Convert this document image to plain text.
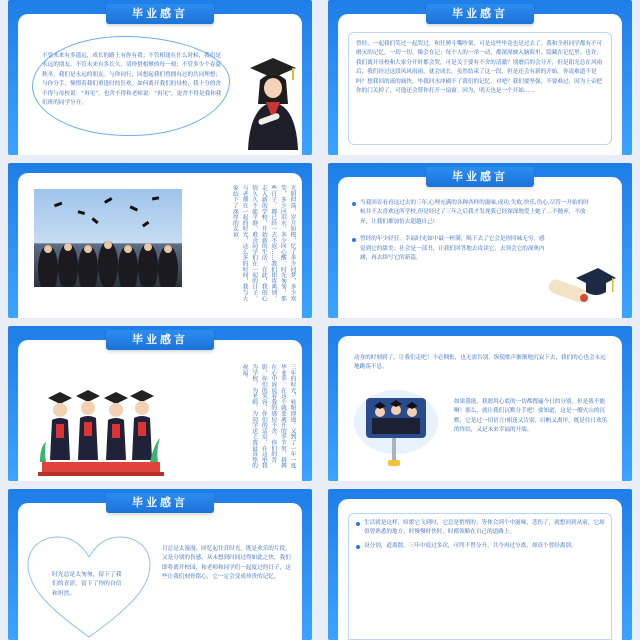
毕业感言
不管未来有多遥远，成长的路上有你有我；不管相逢在什么时候，我们是永远的朋友。不管未来有多长久，请珍惜相聚的每一刻；不管多少个春夏秋冬，我们是永远的朋友。与你同行，回想起我们曾拥有过的共同理想；与你分手，憧憬着我们重逢时的狂欢。如何离开我们的母校，我十分的舍不得与母校说：“再见”，也舍不得和老师说：“再见”，更舍不得是我和我们班的同学分开。
毕业感言
曾经，一起我们笑过一起哭过，和狂骋斗嘴吵架，可是这些毕竟也是过去了。我和全班同学都有不可磨灭的记忆，一切一切，像会在记；每个人的一举一动，都深深映入脑海里，隐藏在记忆里。也许，我们离开母校和大家分开时都会哭，可是关于要有不舍的清澈？别磨后的会分开，但是阳光总在风雨后，我们经过这段风风雨雨，就会成长。虽然结束了这一段，但是还会有新的开始。你说难道不是吗？想我回的流的痛快，毕我回水冲刷不了我们的记忆。对吧？我们要坚强，不要难过，因为上帝把你的门关掉了，可他还会替你打开一扇窗。因为，明天也是一个开始……
光阴似箭，岁月如梭，忆了多少回梦，多少欢笑，多少回泪水，多少回心酸。时光匆匆，那些日子，都已经一去不返……我们即将离别，走入新的学校，开始新的生活。在此，我的心情久久不能平静，难舍同学们在一起的日子，与老师在一起的时光，这么多的时间，我与大家结下了深厚的友谊。
毕业感言
当我回首看看这过去的三年,心理充满的各种各样的滋味,成功,失败,快乐,伤心,尽管一开始的时候并不太喜欢这所学校,但是经过了三年之后我才发现我已经深深地爱上她了…不抛弃，不放弃，让我们都加倍去超越自己!
曾经的年少轻狂，幸福时光如中最一杯满，喝下去了它会是你回味无穷，感觉到它的甜美；社会是一部书，让我们回答地去攻读它，去领会它的深奥内涵，再去续写它的新篇。
毕业感言
三年的时光，转眼即逝。又到了一年一度毕业季。在这个就要离开的季节里，拼搏在心中诉说着我的那份不舍，你们的背影，你们的笑容，你们的话语，在这里我为学校，为老师，为同学送上我最真挚的祝福。
动身的时刻到了，让我们走吧！不必惆怅，也无需告别，纵使歌声渐渐地沉寂下去，我们的心也会永远地跳荡不息。
如果我能，我愿用心底的一切都搜遍今日的分别。但是我不能啊！那么，就让我们沉默分手吧！要知道，这是一艘火山的沉默，它是过一切语言!相逢又告别，归帆又离岸，既是往日欢乐的终结，又是未来幸福的开端。
毕业感言
时光总是太匆匆，留下了我们的青涩，留下了你的自信和坦然。
月总是太漫漫，回忆起往昔时光，既是欢乐的片段，又是分别的伤感，从未想到时间过得如此之快，我们即将离开校园，和老师和同学们一起度过的日子，这些让我们刻骨铭心，它一定会变成珍贵的记忆。
生活就是这样，纷繁它飞到时，它总是悄悄的；等体会到个中滋味，悲伤了，就想回到从前，它却似曾熟悉的地方。时慢慢时快时，时都领略在自己的道路上。
设分别，道离散。三年中说过多次，可终不曾分开，共今再过分离，却真个曾经离别。
